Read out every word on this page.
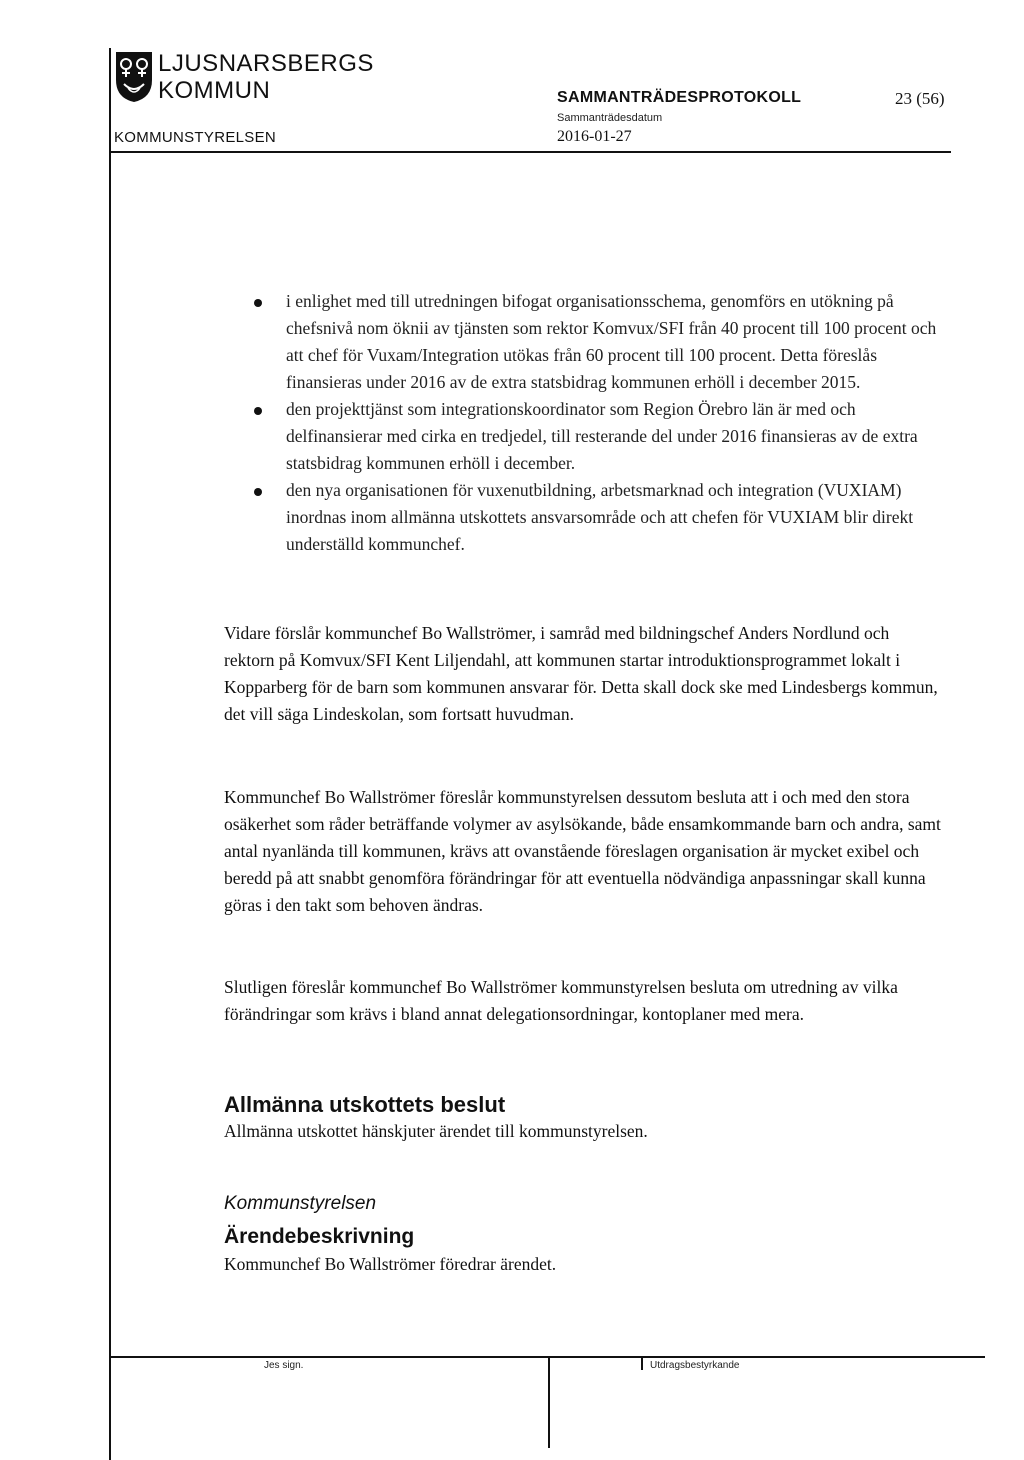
LJUSNARSBERGS
KOMMUN
KOMMUNSTYRELSEN
SAMMANTRÄDESPROTOKOLL	23 (56)
Sammanträdesdatum
2016-01-27
i enlighet med till utredningen bifogat organisationsschema, genomförs en utökning på chefsnivå nom öknii av tjänsten som rektor Komvux/SFI från 40 procent till 100 procent och att chef för Vuxam/Integration utökas från 60 procent till 100 procent. Detta föreslås finansieras under 2016 av de extra statsbidrag kommunen erhöll i december 2015.
den projekttjänst som integrationskoordinator som Region Örebro län är med och delfinansierar med cirka en tredjedel, till resterande del under 2016 finansieras av de extra statsbidrag kommunen erhöll i december.
den nya organisationen för vuxenutbildning, arbetsmarknad och integration (VUXIAM) inordnas inom allmänna utskottets ansvarsområde och att chefen för VUXIAM blir direkt underställd kommunchef.

Vidare förslår kommunchef Bo Wallströmer, i samråd med bildningschef Anders Nordlund och rektorn på Komvux/SFI Kent Liljendahl, att kommunen startar introduktionsprogrammet lokalt i Kopparberg för de barn som kommunen ansvarar för. Detta skall dock ske med Lindesbergs kommun, det vill säga Lindeskolan, som fortsatt huvudman.

Kommunchef Bo Wallströmer föreslår kommunstyrelsen dessutom besluta att i och med den stora osäkerhet som råder beträffande volymer av asylsökande, både ensamkommande barn och andra, samt antal nyanlända till kommunen, krävs att ovanstående föreslagen organisation är mycket exibel och beredd på att snabbt genomföra förändringar för att eventuella nödvändiga anpassningar skall kunna göras i den takt som behoven ändras.

Slutligen föreslår kommunchef Bo Wallströmer kommunstyrelsen besluta om utredning av vilka förändringar som krävs i bland annat delegationsordningar, kontoplaner med mera.

Allmänna utskottets beslut
Allmänna utskottet hänskjuter ärendet till kommunstyrelsen.
Kommunstyrelsen
Ärendebeskrivning
Kommunchef Bo Wallströmer föredrar ärendet.
Jes sign.	Utdragsbestyrkande
